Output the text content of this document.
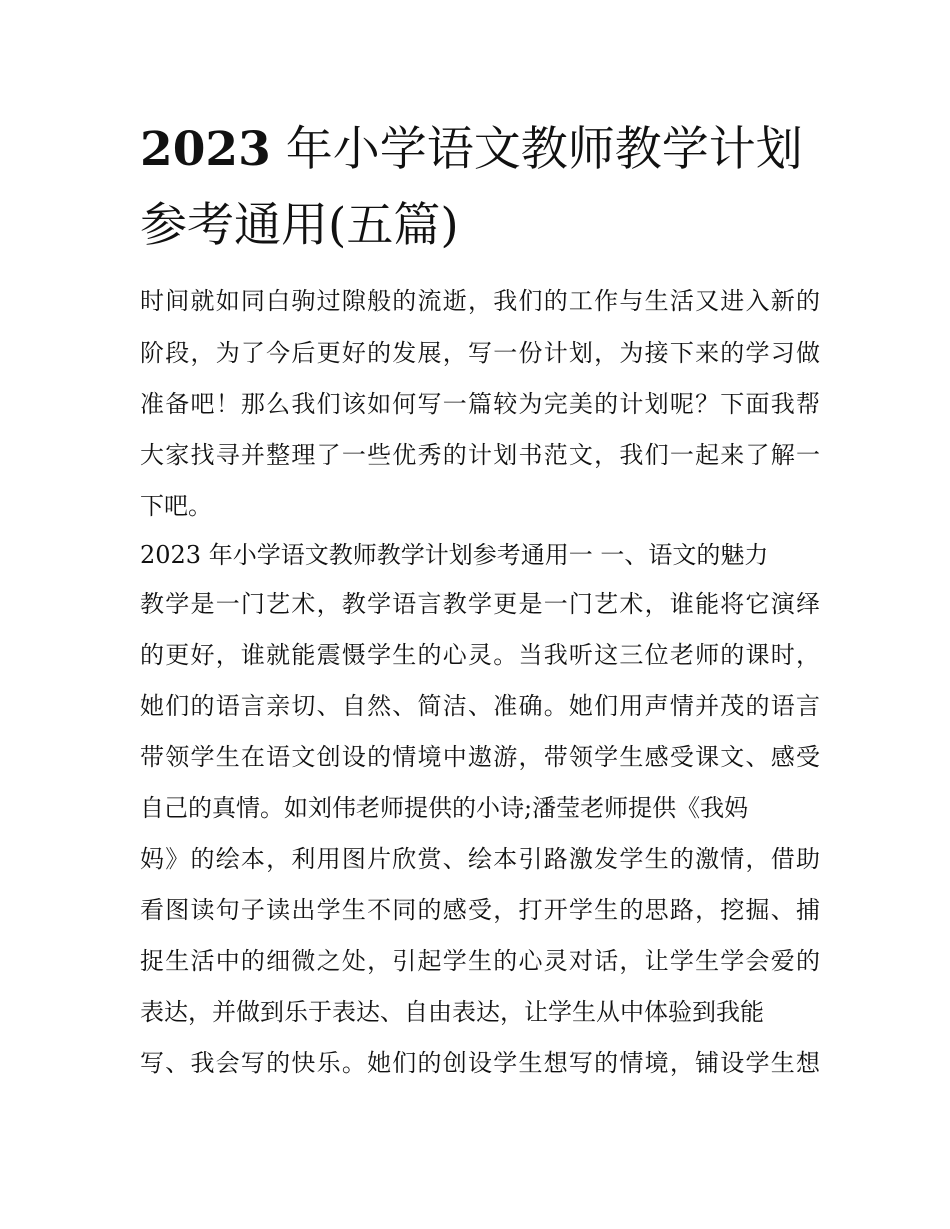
2023 年小学语文教师教学计划
参考通用(五篇)

时间就如同白驹过隙般的流逝，我们的工作与生活又进入新的

阶段，为了今后更好的发展，写一份计划，为接下来的学习做

准备吧！那么我们该如何写一篇较为完美的计划呢？下面我帮

大家找寻并整理了一些优秀的计划书范文，我们一起来了解一

下吧。

2023 年小学语文教师教学计划参考通用一 一、语文的魅力

教学是一门艺术，教学语言教学更是一门艺术，谁能将它演绎

的更好，谁就能震慑学生的心灵。当我听这三位老师的课时，

她们的语言亲切、自然、简洁、准确。她们用声情并茂的语言

带领学生在语文创设的情境中遨游，带领学生感受课文、感受

自己的真情。如刘伟老师提供的小诗;潘莹老师提供《我妈

妈》的绘本，利用图片欣赏、绘本引路激发学生的激情，借助

看图读句子读出学生不同的感受，打开学生的思路，挖掘、捕

捉生活中的细微之处，引起学生的心灵对话，让学生学会爱的

表达，并做到乐于表达、自由表达，让学生从中体验到我能

写、我会写的快乐。她们的创设学生想写的情境，铺设学生想
